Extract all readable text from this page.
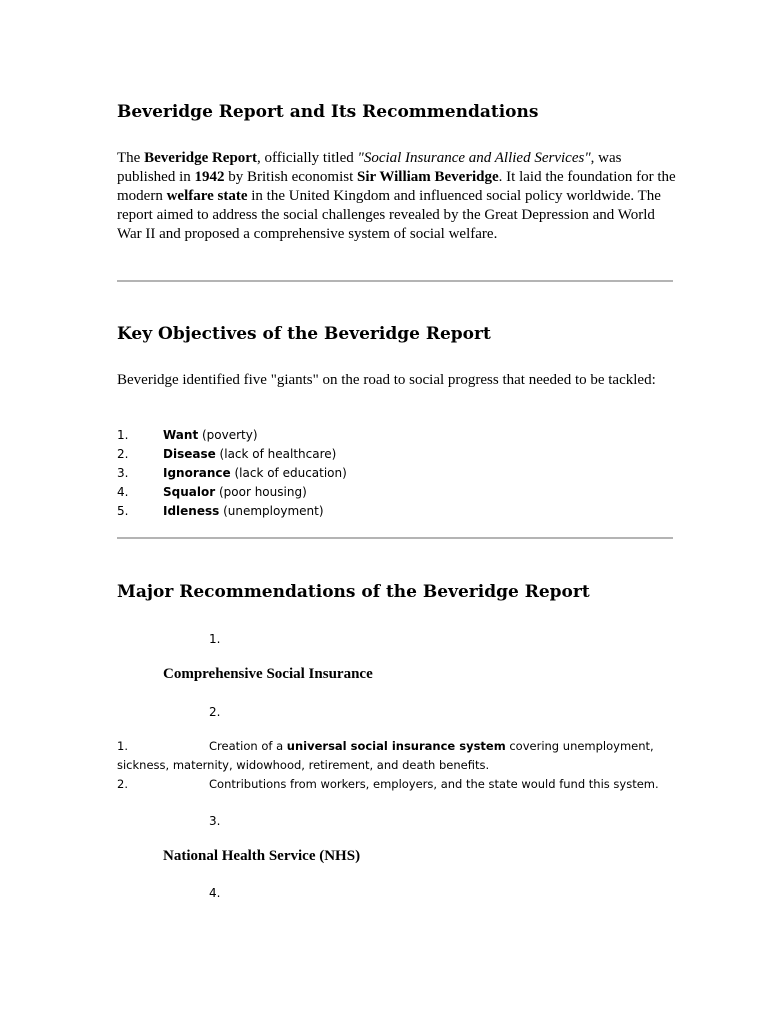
Beveridge Report and Its Recommendations

The Beveridge Report, officially titled "Social Insurance and Allied Services", was published in 1942 by British economist Sir William Beveridge. It laid the foundation for the modern welfare state in the United Kingdom and influenced social policy worldwide. The report aimed to address the social challenges revealed by the Great Depression and World War II and proposed a comprehensive system of social welfare.

Key Objectives of the Beveridge Report

Beveridge identified five "giants" on the road to social progress that needed to be tackled:

1.	Want (poverty)
2.	Disease (lack of healthcare)
3.	Ignorance (lack of education)
4.	Squalor (poor housing)
5.	Idleness (unemployment)
Major Recommendations of the Beveridge Report
1.
Comprehensive Social Insurance
2.
1.	Creation of a universal social insurance system covering unemployment,
sickness, maternity, widowhood, retirement, and death benefits.
2.	Contributions from workers, employers, and the state would fund this system.
3.
National Health Service (NHS)
4.
